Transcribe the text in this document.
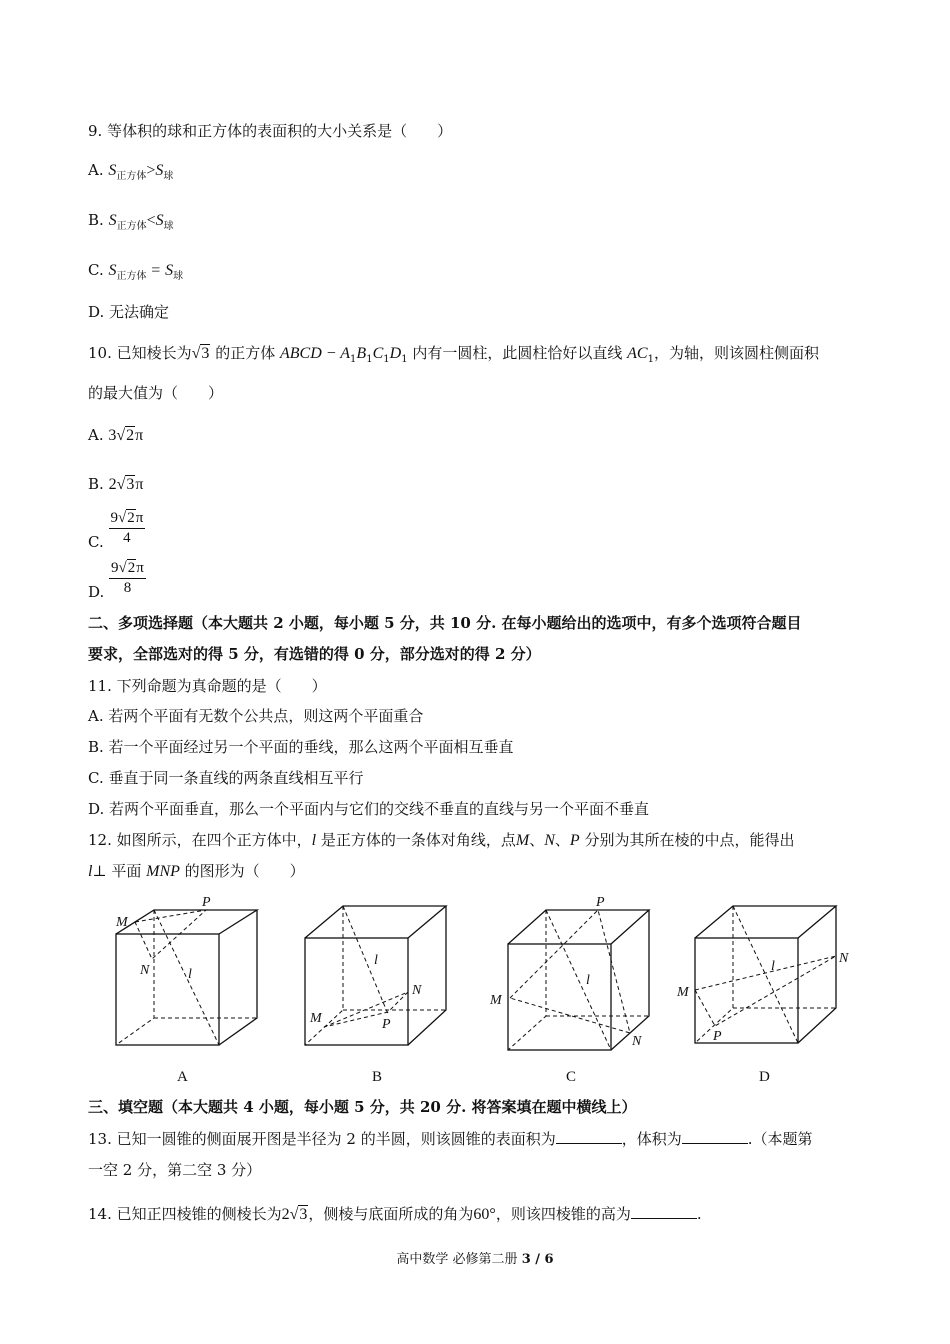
9. 等体积的球和正方体的表面积的大小关系是（　　）
A. $S_{正方体}>S_球$
B. $S_{正方体}<S_球$
C. $S_{正方体} = S_球$
D. 无法确定
10. 已知棱长为√3 的正方体 ABCD − $A_1B_1C_1D_1$ 内有一圆柱，此圆柱恰好以直线 $AC_1$，为轴，则该圆柱侧面积
的最大值为（　　）
A. 3√2π
B. 2√3π
C. $\frac{9√2\pi}{4}$
D. $\frac{9√2\pi}{8}$
二、多项选择题（本大题共 2 小题，每小题 5 分，共 10 分. 在每小题给出的选项中，有多个选项符合题目
要求，全部选对的得 5 分，有选错的得 0 分，部分选对的得 2 分）
11. 下列命题为真命题的是（　　）
A. 若两个平面有无数个公共点，则这两个平面重合
B. 若一个平面经过另一个平面的垂线，那么这两个平面相互垂直
C. 垂直于同一条直线的两条直线相互平行
D. 若两个平面垂直，那么一个平面内与它们的交线不垂直的直线与另一个平面不垂直
12. 如图所示，在四个正方体中，l 是正方体的一条体对角线，点M、N、P 分别为其所在棱的中点，能得出
l⊥ 平面 MNP 的图形为（　　）
M
P
N	l
A
M	P
N
l
B
M
P
N
l
C
M
P
N
l
D
三、填空题（本大题共 4 小题，每小题 5 分，共 20 分. 将答案填在题中横线上）
13. 已知一圆锥的侧面展开图是半径为 2 的半圆，则该圆锥的表面积为	，体积为	.（本题第
一空 2 分，第二空 3 分）
14. 已知正四棱锥的侧棱长为2√3，侧棱与底面所成的角为60°，则该四棱锥的高为	.
高中数学 必修第二册 3 / 6
